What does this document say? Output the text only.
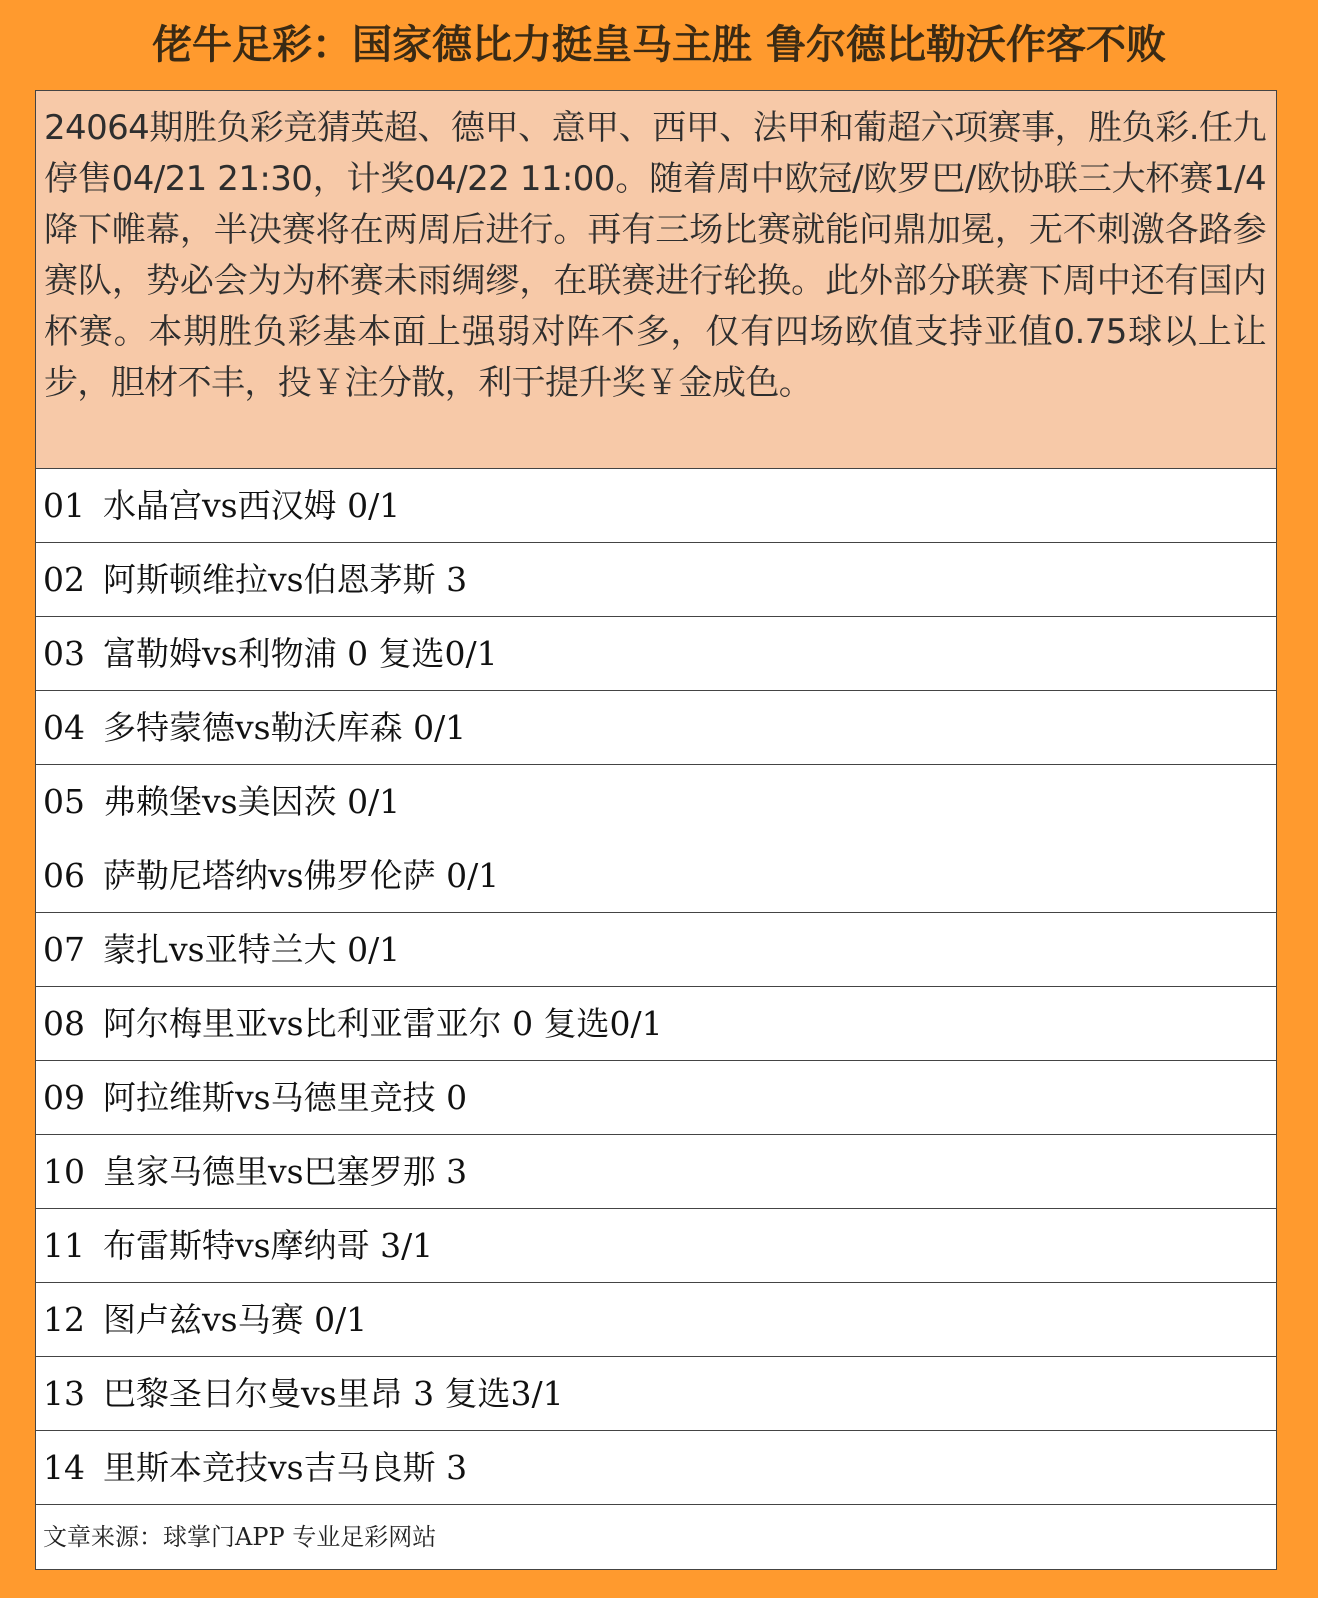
佬牛足彩：国家德比力挺皇马主胜 鲁尔德比勒沃作客不败
24064期胜负彩竞猜英超、德甲、意甲、西甲、法甲和葡超六项赛事，胜负彩.任九停售04/21 21:30，计奖04/22 11:00。随着周中欧冠/欧罗巴/欧协联三大杯赛1/4降下帷幕，半决赛将在两周后进行。再有三场比赛就能问鼎加冕，无不刺激各路参赛队，势必会为为杯赛未雨绸缪，在联赛进行轮换。此外部分联赛下周中还有国内杯赛。本期胜负彩基本面上强弱对阵不多，仅有四场欧值支持亚值0.75球以上让步，胆材不丰，投￥注分散，利于提升奖￥金成色。
01 水晶宫vs西汉姆 0/1
02 阿斯顿维拉vs伯恩茅斯 3
03 富勒姆vs利物浦 0 复选0/1
04 多特蒙德vs勒沃库森 0/1
05 弗赖堡vs美因茨 0/1
06 萨勒尼塔纳vs佛罗伦萨 0/1
07 蒙扎vs亚特兰大 0/1
08 阿尔梅里亚vs比利亚雷亚尔 0 复选0/1
09 阿拉维斯vs马德里竞技 0
10 皇家马德里vs巴塞罗那 3
11 布雷斯特vs摩纳哥 3/1
12 图卢兹vs马赛 0/1
13 巴黎圣日尔曼vs里昂 3 复选3/1
14 里斯本竞技vs吉马良斯 3
文章来源：球掌门APP 专业足彩网站
